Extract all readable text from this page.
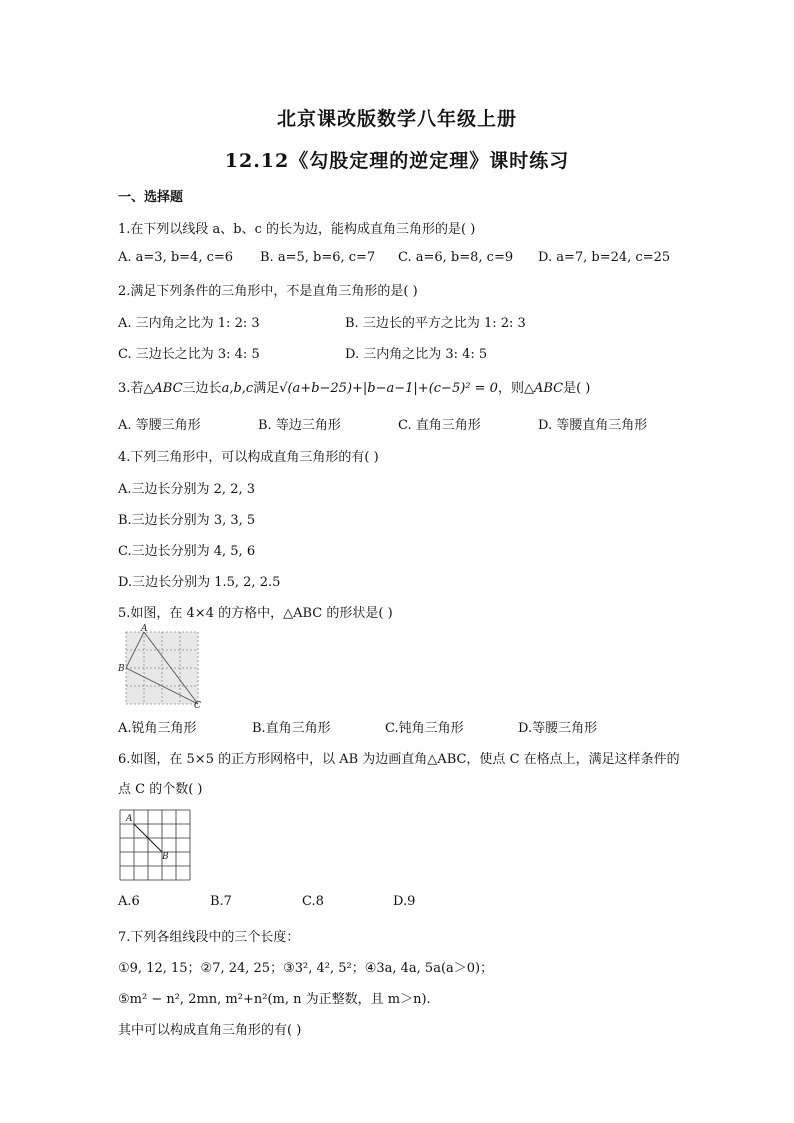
北京课改版数学八年级上册
12.12《勾股定理的逆定理》课时练习
一、选择题
1.在下列以线段 a、b、c 的长为边，能构成直角三角形的是( )
A. a=3, b=4, c=6 B. a=5, b=6, c=7 C. a=6, b=8, c=9 D. a=7, b=24, c=25
2.满足下列条件的三角形中，不是直角三角形的是( )
A. 三内角之比为 1: 2: 3	B. 三边长的平方之比为 1: 2: 3
C. 三边长之比为 3: 4: 5	D. 三内角之比为 3: 4: 5
3.若△ABC三边长a,b,c满足√(a+b−25)+|b−a−1|+(c−5)² = 0，则△ABC是( )
A. 等腰三角形	B. 等边三角形	C. 直角三角形	D. 等腰直角三角形
4.下列三角形中，可以构成直角三角形的有( )
A.三边长分别为 2, 2, 3
B.三边长分别为 3, 3, 5
C.三边长分别为 4, 5, 6
D.三边长分别为 1.5, 2, 2.5
5.如图，在 4×4 的方格中，△ABC 的形状是( )
A
B
C
A.锐角三角形	B.直角三角形	C.钝角三角形	D.等腰三角形
6.如图，在 5×5 的正方形网格中，以 AB 为边画直角△ABC，使点 C 在格点上，满足这样条件的
点 C 的个数( )
A
B
A.6	B.7	C.8	D.9
7.下列各组线段中的三个长度：
①9, 12, 15；②7, 24, 25；③3², 4², 5²；④3a, 4a, 5a(a＞0)；
⑤m² − n², 2mn, m²+n²(m, n 为正整数，且 m＞n).
其中可以构成直角三角形的有( )
